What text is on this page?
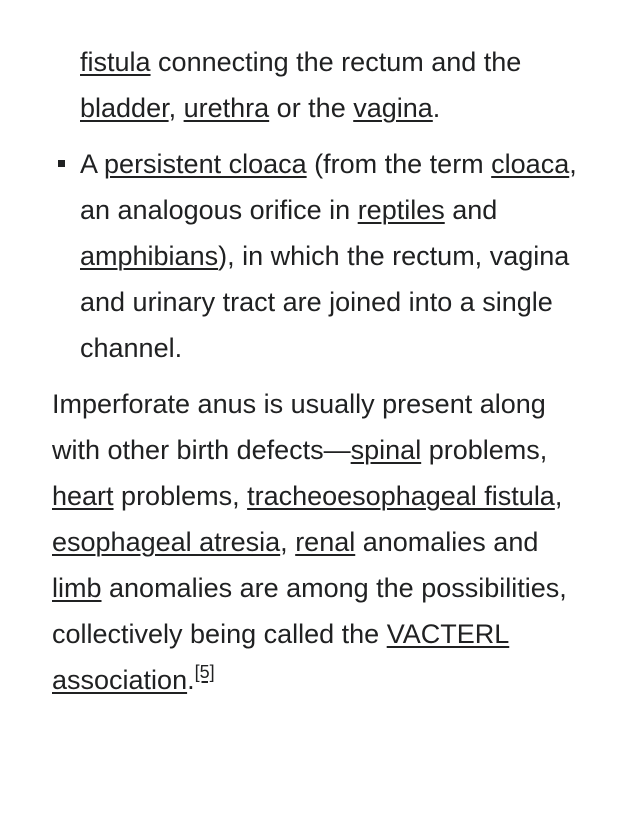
fistula connecting the rectum and the bladder, urethra or the vagina.
A persistent cloaca (from the term cloaca, an analogous orifice in reptiles and amphibians), in which the rectum, vagina and urinary tract are joined into a single channel.

Imperforate anus is usually present along with other birth defects—spinal problems, heart problems, tracheoesophageal fistula, esophageal atresia, renal anomalies and limb anomalies are among the possibilities, collectively being called the VACTERL association.[5]
